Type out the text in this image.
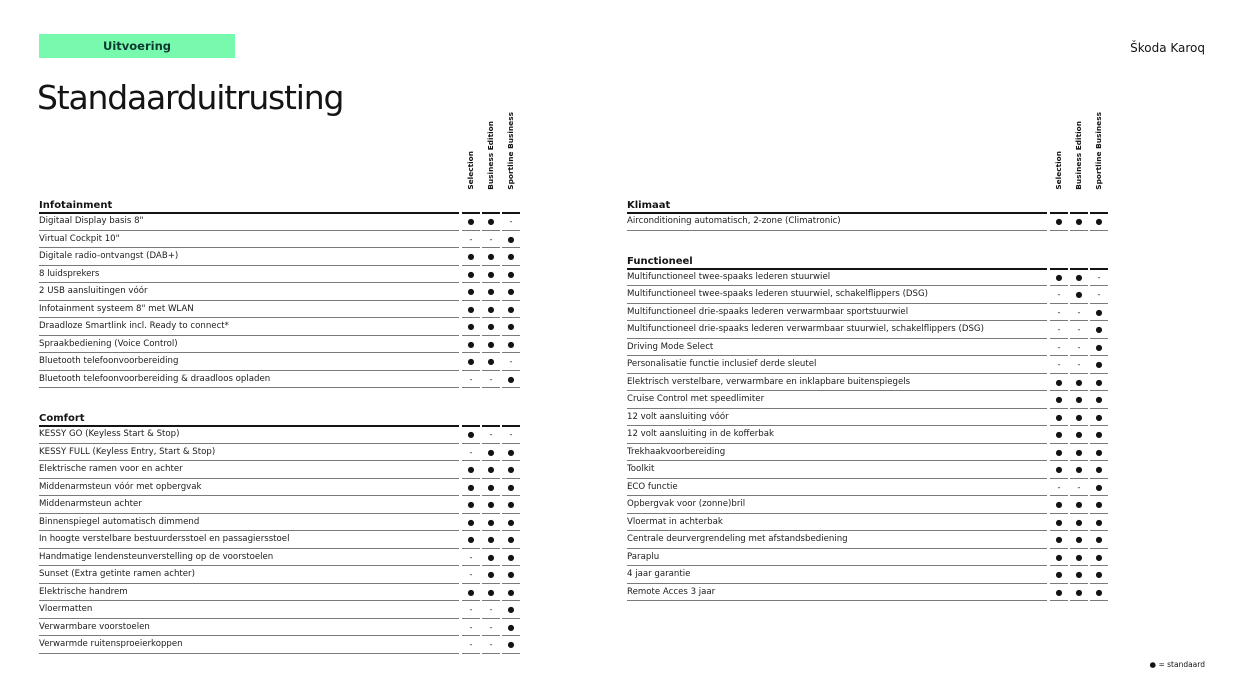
Uitvoering	Škoda Karoq
Standaarduitrusting
Selection	Business Edition	Sportline Business
Infotainment
Digitaal Display basis 8"	●	●	-
Virtual Cockpit 10"	-	-	●
Digitale radio-ontvangst (DAB+)	●	●	●
8 luidsprekers	●	●	●
2 USB aansluitingen vóór	●	●	●
Infotainment systeem 8" met WLAN	●	●	●
Draadloze Smartlink incl. Ready to connect*	●	●	●
Spraakbediening (Voice Control)	●	●	●
Bluetooth telefoonvoorbereiding	●	●	-
Bluetooth telefoonvoorbereiding & draadloos opladen	-	-	●
Comfort
KESSY GO (Keyless Start & Stop)	●	-	-
KESSY FULL (Keyless Entry, Start & Stop)	-	●	●
Elektrische ramen voor en achter	●	●	●
Middenarmsteun vóór met opbergvak	●	●	●
Middenarmsteun achter	●	●	●
Binnenspiegel automatisch dimmend	●	●	●
In hoogte verstelbare bestuurdersstoel en passagiersstoel	●	●	●
Handmatige lendensteunverstelling op de voorstoelen	-	●	●
Sunset (Extra getinte ramen achter)	-	●	●
Elektrische handrem	●	●	●
Vloermatten	-	-	●
Verwarmbare voorstoelen	-	-	●
Verwarmde ruitensproeierkoppen	-	-	●
Selection	Business Edition	Sportline Business
Klimaat
Airconditioning automatisch, 2-zone (Climatronic)	●	●	●
Functioneel
Multifunctioneel twee-spaaks lederen stuurwiel	●	●	-
Multifunctioneel twee-spaaks lederen stuurwiel, schakelflippers (DSG)	-	●	-
Multifunctioneel drie-spaaks lederen verwarmbaar sportstuurwiel	-	-	●
Multifunctioneel drie-spaaks lederen verwarmbaar stuurwiel, schakelflippers (DSG)	-	-	●
Driving Mode Select	-	-	●
Personalisatie functie inclusief derde sleutel	-	-	●
Elektrisch verstelbare, verwarmbare en inklapbare buitenspiegels	●	●	●
Cruise Control met speedlimiter	●	●	●
12 volt aansluiting vóór	●	●	●
12 volt aansluiting in de kofferbak	●	●	●
Trekhaakvoorbereiding	●	●	●
Toolkit	●	●	●
ECO functie	-	-	●
Opbergvak voor (zonne)bril	●	●	●
Vloermat in achterbak	●	●	●
Centrale deurvergrendeling met afstandsbediening	●	●	●
Paraplu	●	●	●
4 jaar garantie	●	●	●
Remote Acces 3 jaar	●	●	●
● = standaard
